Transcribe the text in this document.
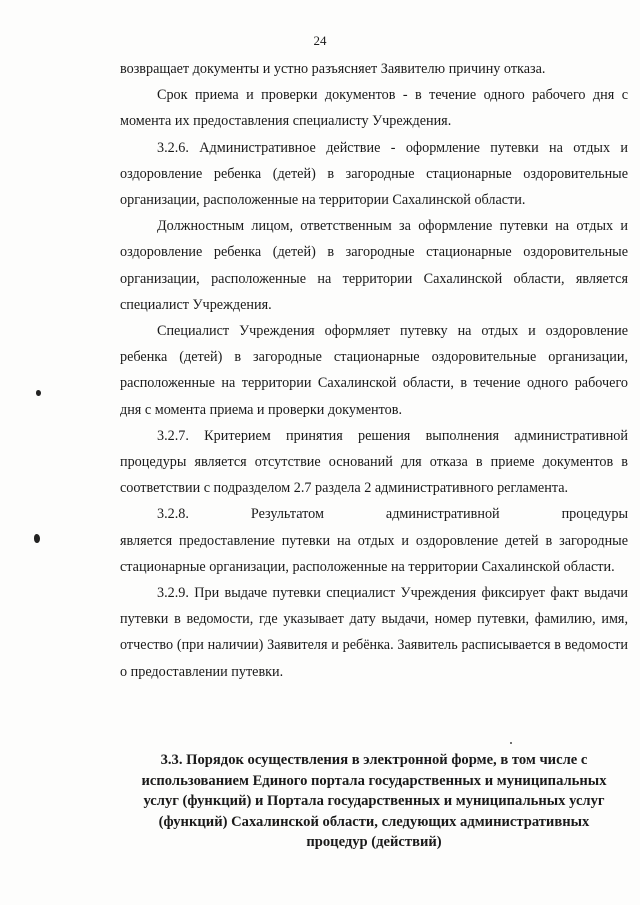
24

возвращает документы и устно разъясняет Заявителю причину отказа.

Срок приема и проверки документов - в течение одного рабочего дня с момента их предоставления специалисту Учреждения.

3.2.6. Административное действие - оформление путевки на отдых и оздоровление ребенка (детей) в загородные стационарные оздоровительные организации, расположенные на территории Сахалинской области.

Должностным лицом, ответственным за оформление путевки на отдых и оздоровление ребенка (детей) в загородные стационарные оздоровительные организации, расположенные на территории Сахалинской области, является специалист Учреждения.

Специалист Учреждения оформляет путевку на отдых и оздоровление ребенка (детей) в загородные стационарные оздоровительные организации, расположенные на территории Сахалинской области, в течение одного рабочего дня с момента приема и проверки документов.

3.2.7. Критерием принятия решения выполнения административной процедуры является отсутствие оснований для отказа в приеме документов в соответствии с подразделом 2.7 раздела 2 административного регламента.

3.2.8. Результатом административной процедуры является предоставление путевки на отдых и оздоровление детей в загородные стационарные организации, расположенные на территории Сахалинской области.

3.2.9. При выдаче путевки специалист Учреждения фиксирует факт выдачи путевки в ведомости, где указывает дату выдачи, номер путевки, фамилию, имя, отчество (при наличии) Заявителя и ребёнка. Заявитель расписывается в ведомости о предоставлении путевки.

3.3. Порядок осуществления в электронной форме, в том числе с

использованием Единого портала государственных и муниципальных

услуг (функций) и Портала государственных и муниципальных услуг

(функций) Сахалинской области, следующих административных

процедур (действий)
